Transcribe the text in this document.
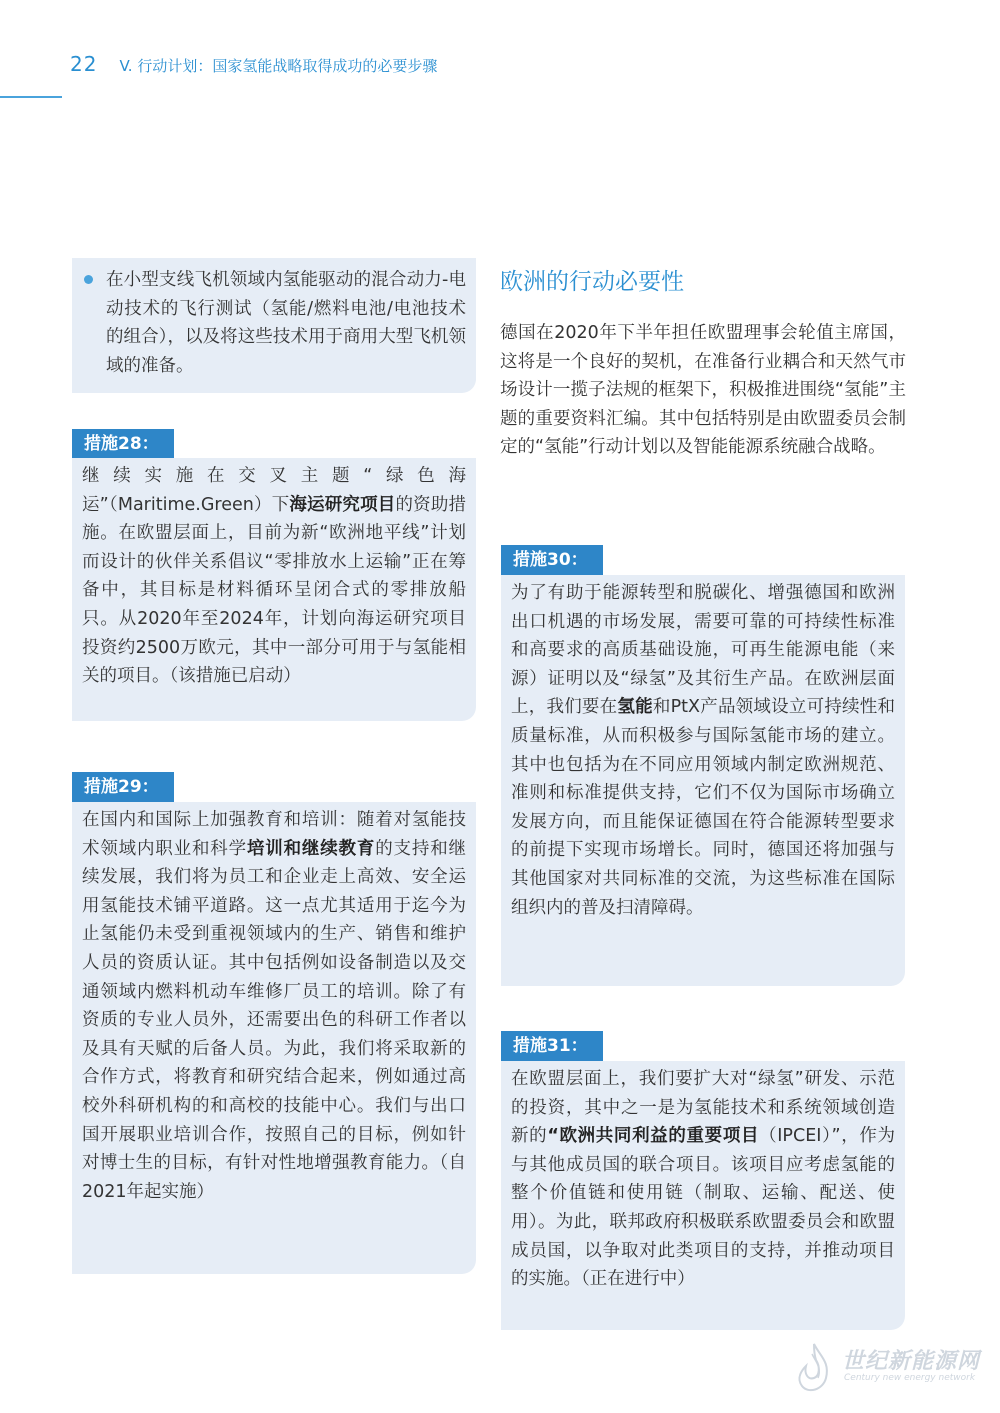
22 V. 行动计划：国家氢能战略取得成功的必要步骤
在小型支线飞机领域内氢能驱动的混合动力-电动技术的飞行测试（氢能/燃料电池/电池技术的组合），以及将这些技术用于商用大型飞机领域的准备。
措施28：
继续实施在交叉主题“绿色海运”（Maritime.Green）下海运研究项目的资助措施。在欧盟层面上，目前为新“欧洲地平线”计划而设计的伙伴关系倡议“零排放水上运输”正在筹备中，其目标是材料循环呈闭合式的零排放船只。从2020年至2024年，计划向海运研究项目投资约2500万欧元，其中一部分可用于与氢能相关的项目。（该措施已启动）
措施29：
在国内和国际上加强教育和培训：随着对氢能技术领域内职业和科学培训和继续教育的支持和继续发展，我们将为员工和企业走上高效、安全运用氢能技术铺平道路。这一点尤其适用于迄今为止氢能仍未受到重视领域内的生产、销售和维护人员的资质认证。其中包括例如设备制造以及交通领域内燃料机动车维修厂员工的培训。除了有资质的专业人员外，还需要出色的科研工作者以及具有天赋的后备人员。为此，我们将采取新的合作方式，将教育和研究结合起来，例如通过高校外科研机构的和高校的技能中心。我们与出口国开展职业培训合作，按照自己的目标，例如针对博士生的目标，有针对性地增强教育能力。（自2021年起实施）
欧洲的行动必要性
德国在2020年下半年担任欧盟理事会轮值主席国，这将是一个良好的契机，在准备行业耦合和天然气市场设计一揽子法规的框架下，积极推进围绕“氢能”主题的重要资料汇编。其中包括特别是由欧盟委员会制定的“氢能”行动计划以及智能能源系统融合战略。
措施30：
为了有助于能源转型和脱碳化、增强德国和欧洲出口机遇的市场发展，需要可靠的可持续性标准和高要求的高质基础设施，可再生能源电能（来源）证明以及“绿氢”及其衍生产品。在欧洲层面上，我们要在氢能和PtX产品领域设立可持续性和质量标准，从而积极参与国际氢能市场的建立。其中也包括为在不同应用领域内制定欧洲规范、准则和标准提供支持，它们不仅为国际市场确立发展方向，而且能保证德国在符合能源转型要求的前提下实现市场增长。同时，德国还将加强与其他国家对共同标准的交流，为这些标准在国际组织内的普及扫清障碍。
措施31：
在欧盟层面上，我们要扩大对“绿氢”研发、示范的投资，其中之一是为氢能技术和系统领域创造新的“欧洲共同利益的重要项目（IPCEI）”，作为与其他成员国的联合项目。该项目应考虑氢能的整个价值链和使用链（制取、运输、配送、使用）。为此，联邦政府积极联系欧盟委员会和欧盟成员国，以争取对此类项目的支持，并推动项目的实施。（正在进行中）
世纪新能源网
Century new energy network
